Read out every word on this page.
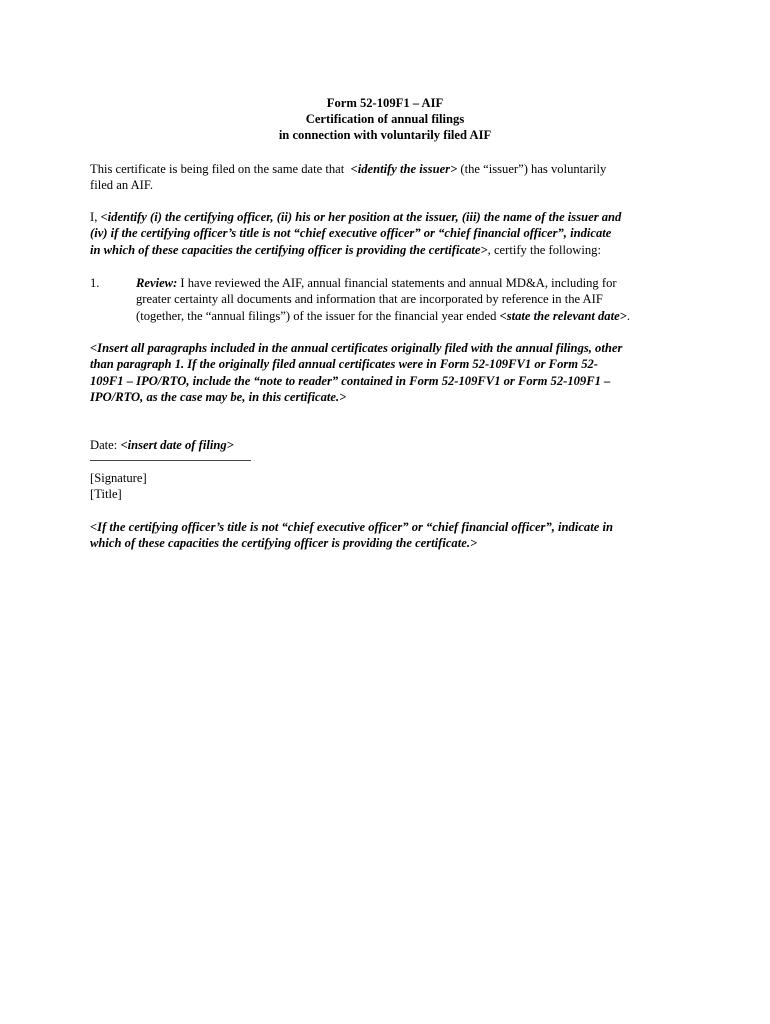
Form 52-109F1 – AIF
Certification of annual filings
in connection with voluntarily filed AIF
This certificate is being filed on the same date that <identify the issuer> (the “issuer”) has voluntarily
filed an AIF.
I, <identify (i) the certifying officer, (ii) his or her position at the issuer, (iii) the name of the issuer and
(iv) if the certifying officer’s title is not “chief executive officer” or “chief financial officer”, indicate
in which of these capacities the certifying officer is providing the certificate>, certify the following:
1.	Review: I have reviewed the AIF, annual financial statements and annual MD&A, including for
greater certainty all documents and information that are incorporated by reference in the AIF
(together, the “annual filings”) of the issuer for the financial year ended <state the relevant date>.
<Insert all paragraphs included in the annual certificates originally filed with the annual filings, other
than paragraph 1. If the originally filed annual certificates were in Form 52-109FV1 or Form 52-
109F1 – IPO/RTO, include the “note to reader” contained in Form 52-109FV1 or Form 52-109F1 –
IPO/RTO, as the case may be, in this certificate.>
Date: <insert date of filing>
[Signature]
[Title]
<If the certifying officer’s title is not “chief executive officer” or “chief financial officer”, indicate in
which of these capacities the certifying officer is providing the certificate.>
